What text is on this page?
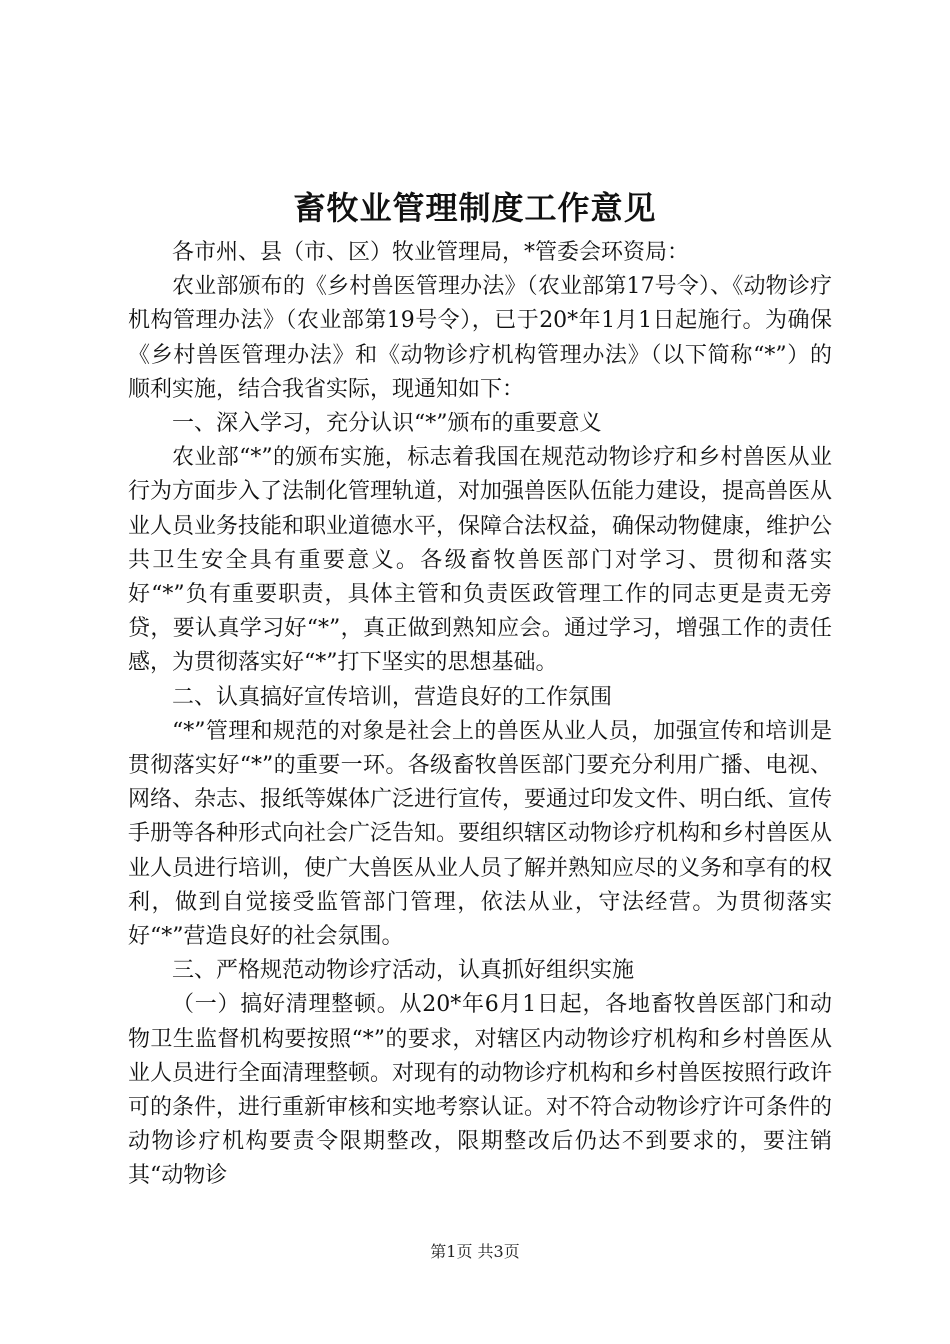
畜牧业管理制度工作意见

各市州、县（市、区）牧业管理局，*管委会环资局：

农业部颁布的《乡村兽医管理办法》（农业部第17号令）、《动物诊疗机构管理办法》（农业部第19号令），已于20*年1月1日起施行。为确保《乡村兽医管理办法》和《动物诊疗机构管理办法》（以下简称“*”）的顺利实施，结合我省实际，现通知如下：

一、深入学习，充分认识“*”颁布的重要意义

农业部“*”的颁布实施，标志着我国在规范动物诊疗和乡村兽医从业行为方面步入了法制化管理轨道，对加强兽医队伍能力建设，提高兽医从业人员业务技能和职业道德水平，保障合法权益，确保动物健康，维护公共卫生安全具有重要意义。各级畜牧兽医部门对学习、贯彻和落实好“*”负有重要职责，具体主管和负责医政管理工作的同志更是责无旁贷，要认真学习好“*”，真正做到熟知应会。通过学习，增强工作的责任感，为贯彻落实好“*”打下坚实的思想基础。

二、认真搞好宣传培训，营造良好的工作氛围

“*”管理和规范的对象是社会上的兽医从业人员，加强宣传和培训是贯彻落实好“*”的重要一环。各级畜牧兽医部门要充分利用广播、电视、网络、杂志、报纸等媒体广泛进行宣传，要通过印发文件、明白纸、宣传手册等各种形式向社会广泛告知。要组织辖区动物诊疗机构和乡村兽医从业人员进行培训，使广大兽医从业人员了解并熟知应尽的义务和享有的权利，做到自觉接受监管部门管理，依法从业，守法经营。为贯彻落实好“*”营造良好的社会氛围。

三、严格规范动物诊疗活动，认真抓好组织实施

（一）搞好清理整顿。从20*年6月1日起，各地畜牧兽医部门和动物卫生监督机构要按照“*”的要求，对辖区内动物诊疗机构和乡村兽医从业人员进行全面清理整顿。对现有的动物诊疗机构和乡村兽医按照行政许可的条件，进行重新审核和实地考察认证。对不符合动物诊疗许可条件的动物诊疗机构要责令限期整改，限期整改后仍达不到要求的，要注销其“动物诊

第1页 共3页
